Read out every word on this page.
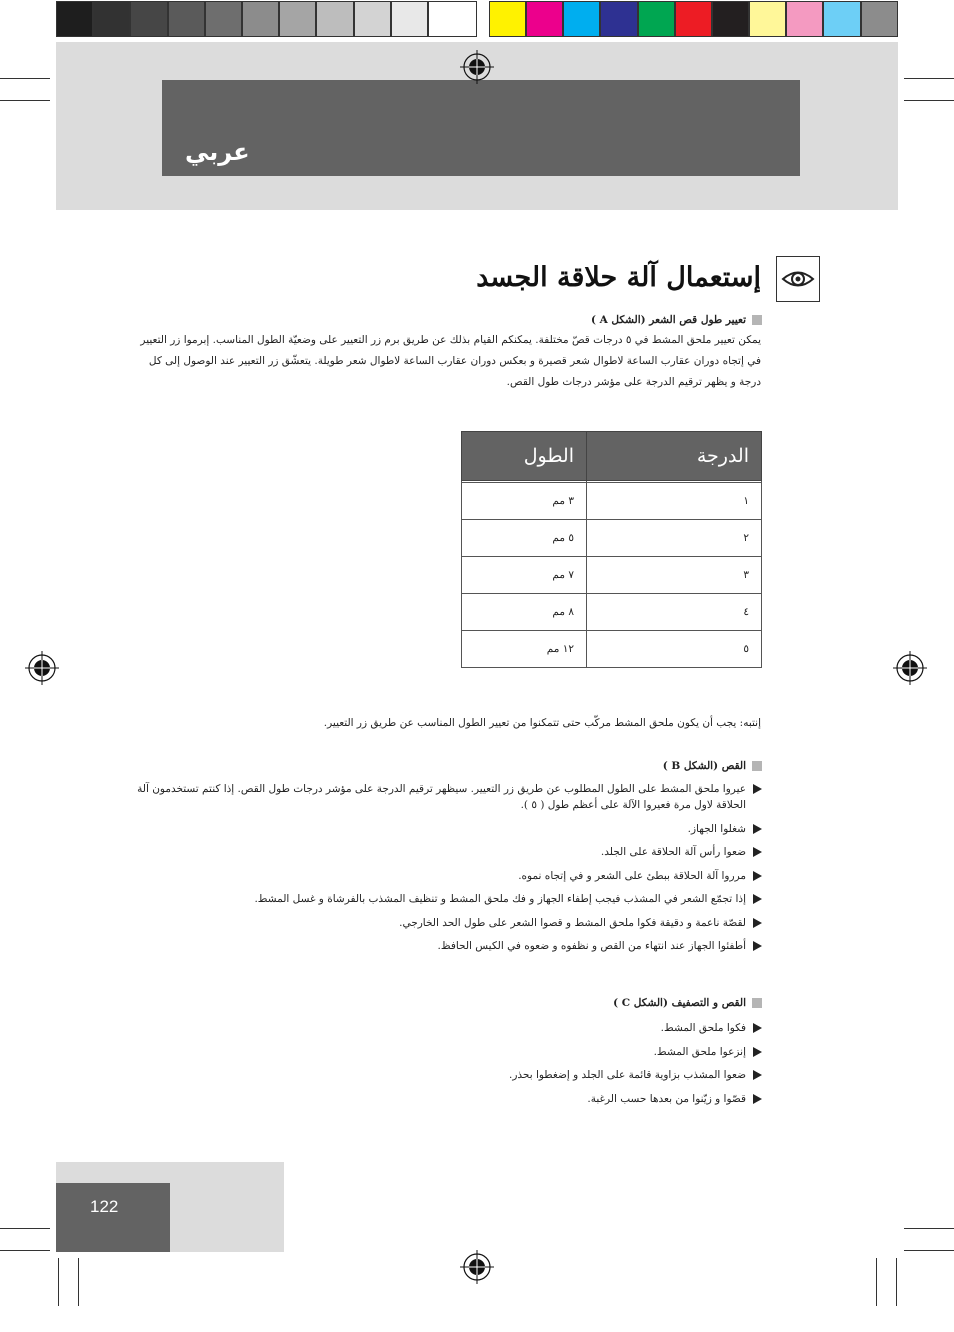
عربي
إستعمال آلة حلاقة الجسد
تعيير طول قص الشعر (الشكل A )
يمكن تعيير ملحق المشط في ٥ درجات قصّ مختلفة. يمكنكم القيام بذلك عن طريق برم زر التعيير على وضعيّة الطول المناسب. إبرموا زر التعيير في إتجاه دوران عقارب الساعة لاطوال شعر قصيرة و بعكس دوران عقارب الساعة لاطوال شعر طويلة. يتعشّق زر التعيير عند الوصول إلى كل درجة و يظهر ترقيم الدرجة على مؤشر درجات طول القص.
الدرجة	الطول

١	٣ مم
٢	٥ مم
٣	٧ مم
٤	٨ مم
٥	١٢ مم
إنتبه: يجب أن يكون ملحق المشط مركّب حتى تتمكنوا من تعيير الطول المناسب عن طريق زر التعيير.
القص (الشكل B )
عيروا ملحق المشط على الطول المطلوب عن طريق زر التعيير. سيظهر ترقيم الدرجة على مؤشر درجات طول القص. إذا كنتم تستخدمون آلة الحلاقة لاول مرة فعيروا الآلة على أعظم طول ( ٥ ).
شغلوا الجهاز.
ضعوا رأس آلة الحلاقة على الجلد.
مرروا آلة الحلاقة ببطئ على الشعر و في إتجاه نموه.
إذا تجمّع الشعر في المشذب فيجب إطفاء الجهاز و فك ملحق المشط و تنظيف المشذب بالفرشاة و غسل المشط.
لقصّة ناعمة و دقيقة فكوا ملحق المشط و قصوا الشعر على طول الحد الخارجي.
أطفئوا الجهاز عند انتهاء من القص و نظفوه و ضعوه في الكيس الحافظ.
القص و التصفيف (الشكل C )
فكوا ملحق المشط.
إنزعوا ملحق المشط.
ضعوا المشذب بزاوية قائمة على الجلد و إضغطوا بحذر.
قصّوا و زيّنوا من بعدها حسب الرغبة.
122
